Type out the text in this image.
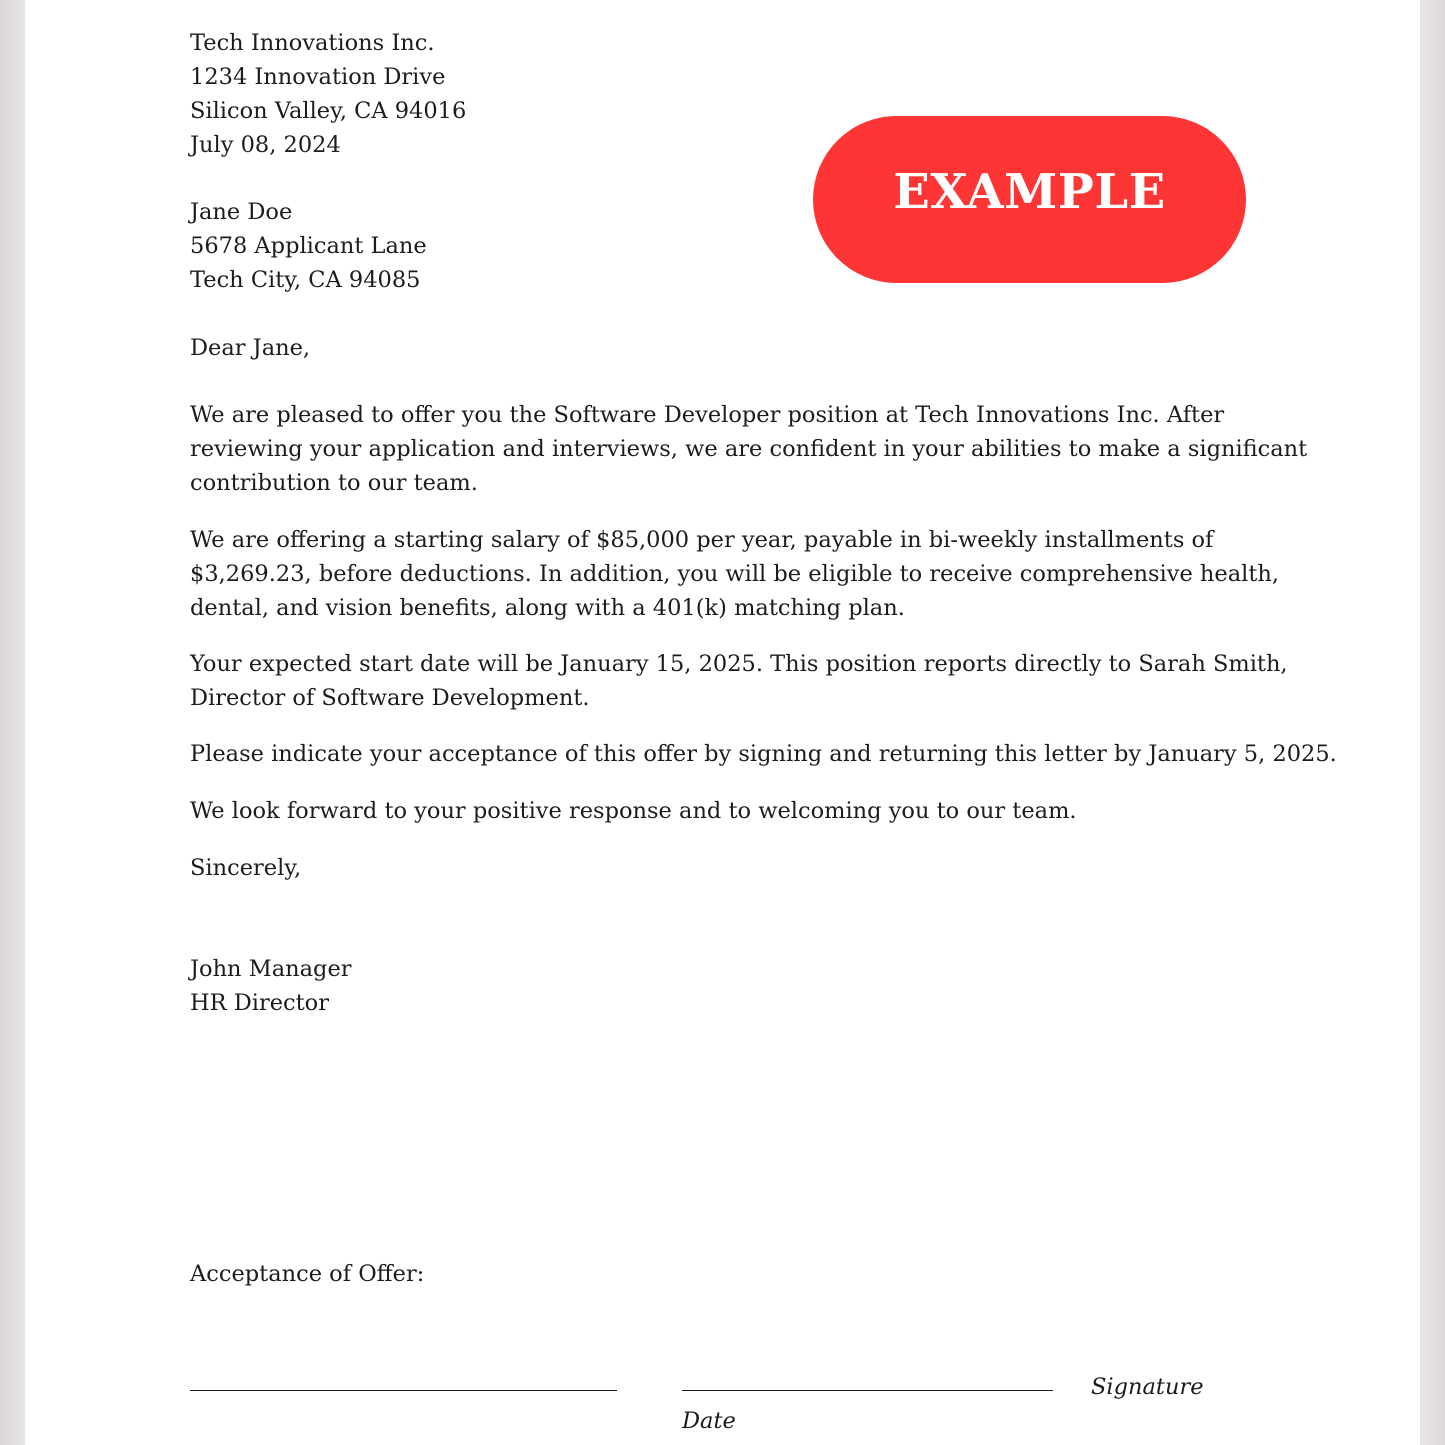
Tech Innovations Inc.
1234 Innovation Drive
Silicon Valley, CA 94016
July 08, 2024
EXAMPLE
Jane Doe
5678 Applicant Lane
Tech City, CA 94085
Dear Jane,
We are pleased to offer you the Software Developer position at Tech Innovations Inc. After
reviewing your application and interviews, we are confident in your abilities to make a significant
contribution to our team.
We are offering a starting salary of $85,000 per year, payable in bi-weekly installments of
$3,269.23, before deductions. In addition, you will be eligible to receive comprehensive health,
dental, and vision benefits, along with a 401(k) matching plan.
Your expected start date will be January 15, 2025. This position reports directly to Sarah Smith,
Director of Software Development.
Please indicate your acceptance of this offer by signing and returning this letter by January 5, 2025.
We look forward to your positive response and to welcoming you to our team.
Sincerely,
John Manager
HR Director
Acceptance of Offer:
Signature
Date
